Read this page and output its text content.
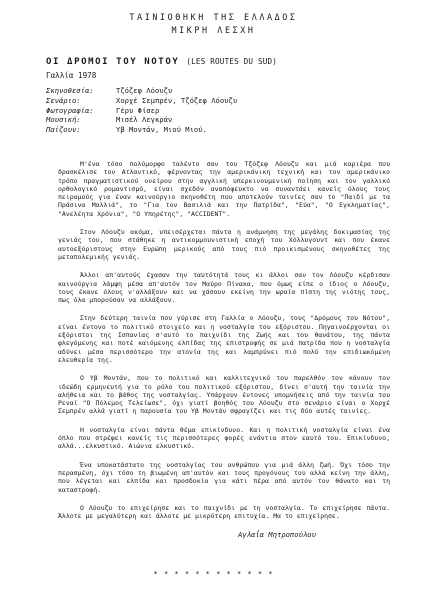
ΤΑΙΝΙΟΘΗΚΗ ΤΗΣ ΕΛΛΑΔΟΣ
ΜΙΚΡΗ ΛΕΣΧΗ
ΟΙ ΔΡΟΜΟΙ ΤΟΥ ΝΟΤΟΥ (LES ROUTES DU SUD)
Γαλλία 1978
Σκηνοθεσία:	Τζόζεφ Λόουζυ
Σενάριο:	Χορχέ Σεμπρέν, Τζόζεφ Λόουζυ
Φωτογραφία:	Γέρυ Φίσερ
Μουσική:	Μισέλ Λεγκράν
Παίζουν:	Υβ Μοντάν, Μιού Μιού.

Μ'ένα τόσο πολύμορφο ταλέντο σαν του Τζόζεφ Λόουζυ και μιά καριέρα που δρασκέλισε τον Ατλαντικό, φέρνοντας την αμερικάνικη τεχνική και τον αμερικάνικο τρόπο πραγματιστικού ονείρου στην αγγλική υπερκινουμενική ποίηση και τον γαλλικό ορθολογικό ρομαντισμό, είναι σχεδόν αναπόφευκτο να συναντάει κανείς όλους τους πειραμούς για έναν καινούργιο σκηνοθέτη που αποτελούν ταινίες σαν το "Παιδί με τα Πράσινα Μαλλιά", το "Για τον Βασιλιά και την Πατρίδα", "Εύα", "Ο Εγκληματίας", "Ανελέητα Χρόνια", "Ο Υπηρέτης", "ACCIDENT".

Στον Λόουζυ ακόμα, υπεισέρχεται πάντα η ανάμνηση της μεγάλης δοκιμασίας της γενιάς του, που στάθηκε η αντικομμουνιστική εποχή του Χόλλυγουντ και που έκανε αυτοεξόριστους στην Ευρώπη μερικούς από τους πιό προικισμένους σκηνοθέτες της μεταπολεμικής γενιάς.

Άλλοι απ'αυτούς έχασαν την ταυτότητά τους κι άλλοι σαν τον Λόουζυ κέρδισαν καινούργια λάμψη μέσα απ'αυτόν τον Μαύρο Πίνακα, που όμως είπε ο ίδιος ο Λόουζυ, τους έκανε όλους ν'αλλάξουν και να χάσουν εκείνη την ωραία πίστη της νιότης τους, πως όλα μπορούσαν να αλλάξουν.

Στην δεύτερη ταινία που γύρισε στη Γαλλία ο Λόουζυ, τους "Δρόμους του Νότου", είναι έντονο το πολιτικό στοιχείο και η νοσταλγία του εξόριστου. Πηγαινοέρχονται οι εξόριστοι της Ισπανίας σ'αυτό το παιχνίδι της Ζωής και του θανάτου, της πάντα φλεγόμενης και ποτέ καιόμενης ελπίδας της επιστροφής σε μιά πατρίδα που η νοσταλγία αδύνει μέσα περισσότερο την ατονία της και λαμπρύνει πιό πολύ την επιδιωκόμενη ελευθερία της.

Ο Υβ Μοντάν, που το πολιτικό και καλλιτεχνικό του παρελθόν τον κάνουν τον ιδεώδη ερμηνευτή για το ρόλο του πολιτικού εξόριστου, δίνει σ'αυτή την ταινία την αλήθεια και το βάθος της νοσταλγίας. Υπάρχουν έντονες υπομνήσεις από την ταινία του Ρεναί "Ο Πόλεμος Τελείωσε", όχι γιατί βοηθός του Λόουζυ στο σενάριο είναι ο Χορχέ Σεμπρέν αλλά γιατί η παρουσία του Υβ Μοντάν σφραγίζει και τις δύο αυτές ταινίες.

Η νοσταλγία είναι πάντα θέμα επικίνδυνο. Και η πολιτική νοσταλγία είναι ένα όπλο που στρέφει κανείς τις περισσότερες φορές ενάντια στον εαυτό του. Επικίνδυνο, αλλά...ελκυστικό. Αιώνια ελκυστικό.

Ένα υποκατάστατο της νοσταλγίας του ανθρώπου για μιά άλλη ζωή. Όχι τόσο την περασμένη, όχι τόσο τη βιωμένη απ'αυτόν και τους προγόνους του αλλά κείνη την άλλη, που λέγεται και ελπίδα και προσδοκία για κάτι πέρα από αυτόν τον θάνατο και τη καταστροφή.

Ο Λόουζυ το επιχείρησε και το παιχνίδι με τη νοσταλγία. Το επιχείρησε πάντα. Άλλοτε με μεγαλύτερη και άλλοτε με μικρότερη επιτυχία. Μα το επιχείρησε.

Αγλαΐα Μητροπούλου
* * * * * * * * * * * *
